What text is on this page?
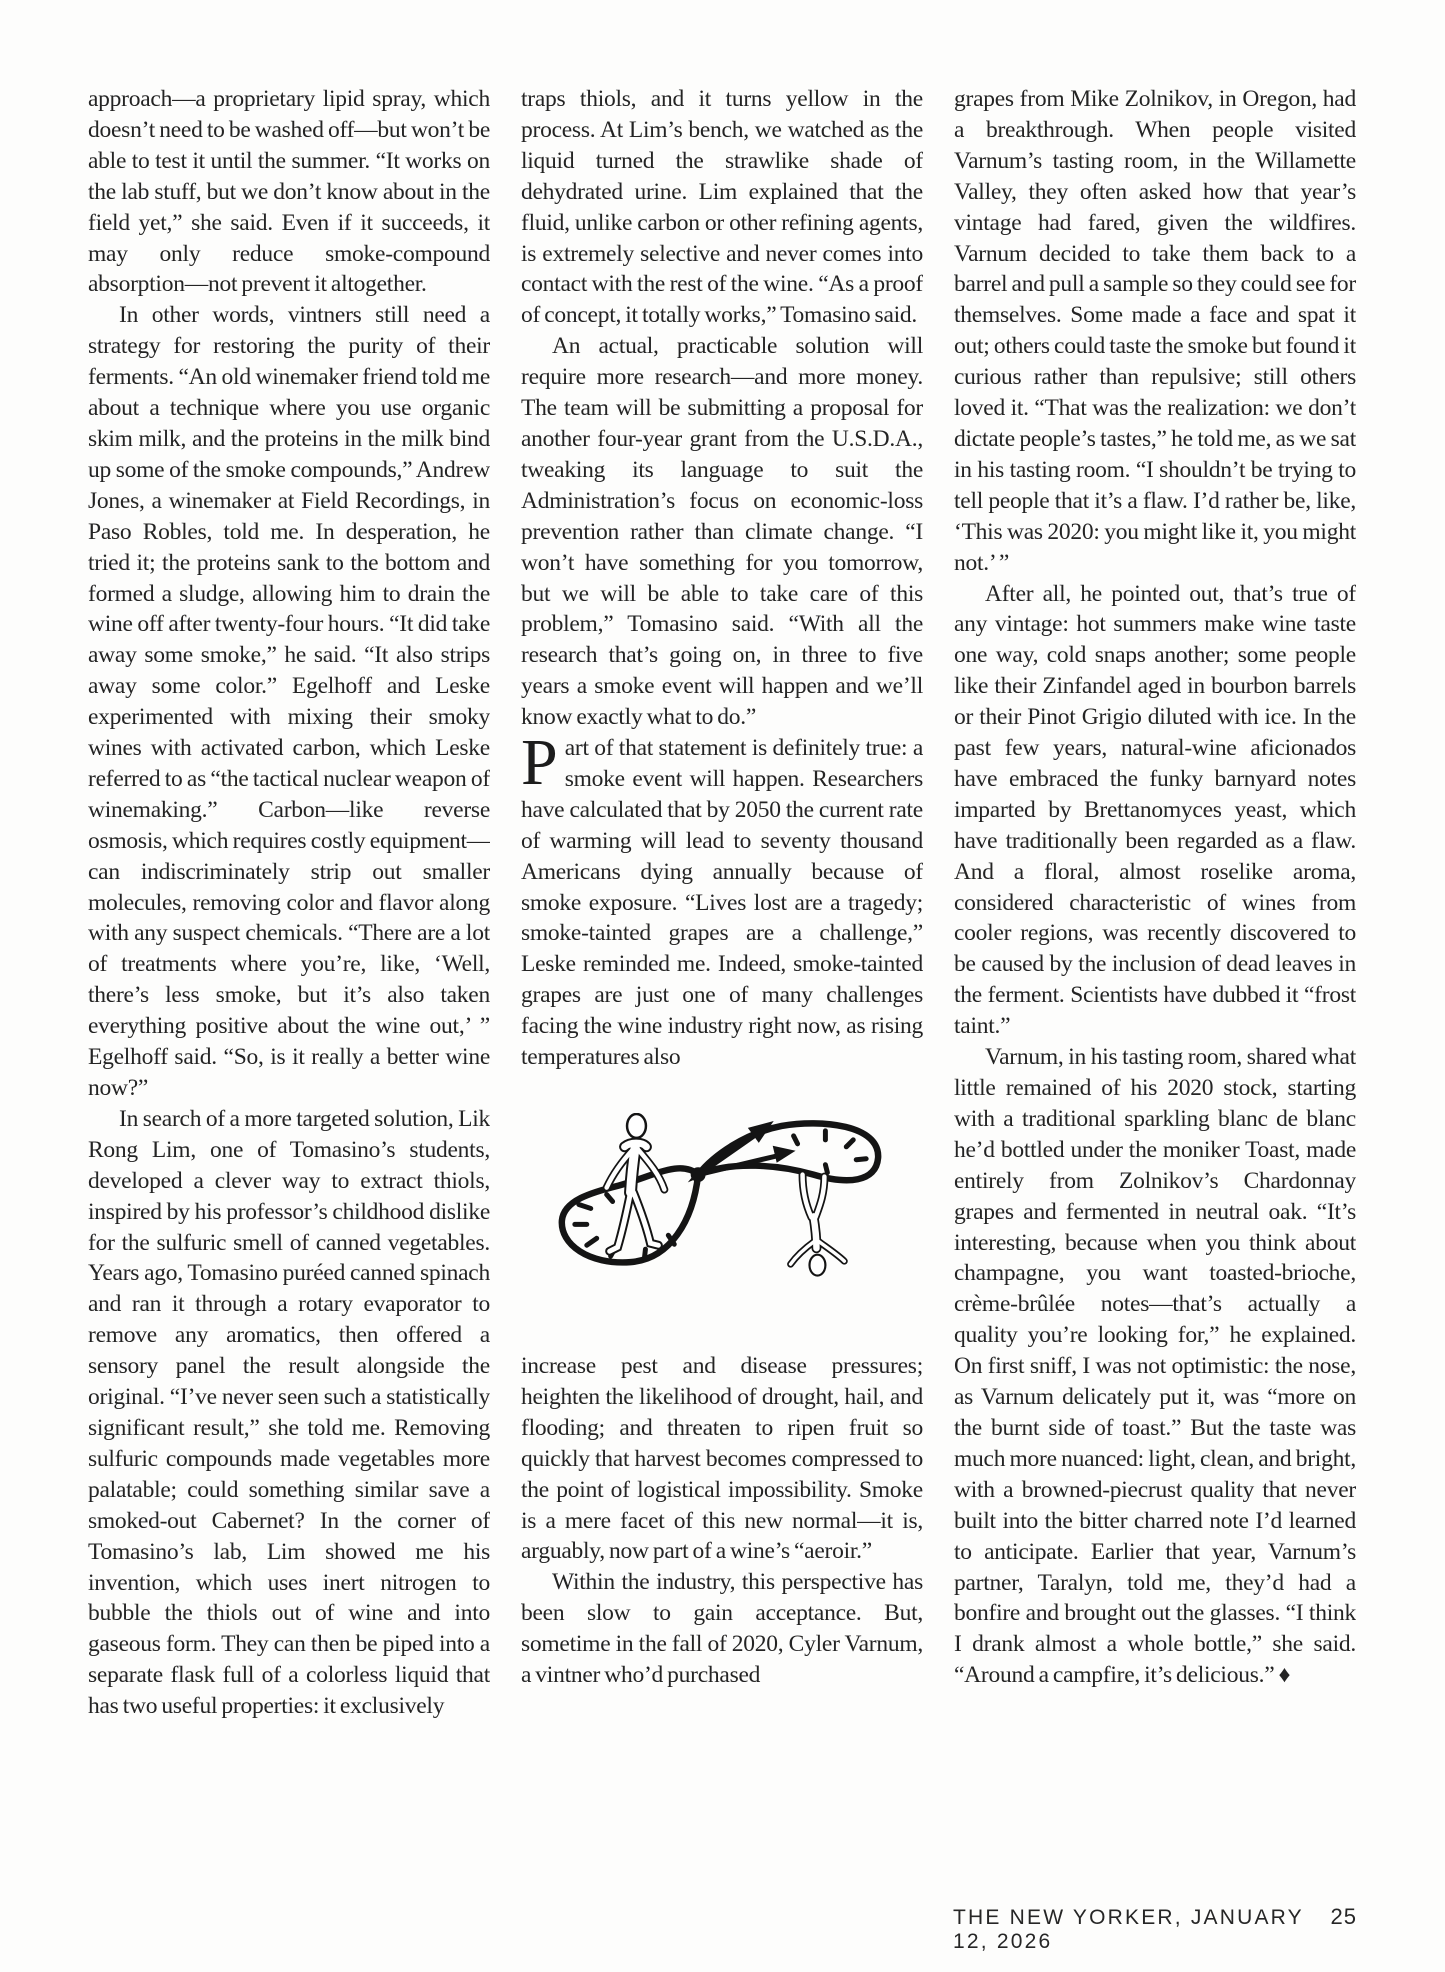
approach—a proprietary lipid spray, which doesn’t need to be washed off—but won’t be able to test it until the summer. “It works on the lab stuff, but we don’t know about in the field yet,” she said. Even if it succeeds, it may only reduce smoke-compound absorption—not prevent it altogether.

In other words, vintners still need a strategy for restoring the purity of their ferments. “An old winemaker friend told me about a technique where you use organic skim milk, and the proteins in the milk bind up some of the smoke compounds,” Andrew Jones, a winemaker at Field Recordings, in Paso Robles, told me. In desperation, he tried it; the proteins sank to the bottom and formed a sludge, allowing him to drain the wine off after twenty-four hours. “It did take away some smoke,” he said. “It also strips away some color.” Egelhoff and Leske experimented with mixing their smoky wines with activated carbon, which Leske referred to as “the tactical nuclear weapon of winemaking.” Carbon—like reverse osmosis, which requires costly equipment—can indiscriminately strip out smaller molecules, removing color and flavor along with any suspect chemicals. “There are a lot of treatments where you’re, like, ‘Well, there’s less smoke, but it’s also taken everything positive about the wine out,’ ” Egelhoff said. “So, is it really a better wine now?”

In search of a more targeted solution, Lik Rong Lim, one of Tomasino’s students, developed a clever way to extract thiols, inspired by his professor’s childhood dislike for the sulfuric smell of canned vegetables. Years ago, Tomasino puréed canned spinach and ran it through a rotary evaporator to remove any aromatics, then offered a sensory panel the result alongside the original. “I’ve never seen such a statistically significant result,” she told me. Removing sulfuric compounds made vegetables more palatable; could something similar save a smoked-out Cabernet? In the corner of Tomasino’s lab, Lim showed me his invention, which uses inert nitrogen to bubble the thiols out of wine and into gaseous form. They can then be piped into a separate flask full of a colorless liquid that has two useful properties: it exclusively

traps thiols, and it turns yellow in the process. At Lim’s bench, we watched as the liquid turned the strawlike shade of dehydrated urine. Lim explained that the fluid, unlike carbon or other refining agents, is extremely selective and never comes into contact with the rest of the wine. “As a proof of concept, it totally works,” Tomasino said.

An actual, practicable solution will require more research—and more money. The team will be submitting a proposal for another four-year grant from the U.S.D.A., tweaking its language to suit the Administration’s focus on economic-loss prevention rather than climate change. “I won’t have something for you tomorrow, but we will be able to take care of this problem,” Tomasino said. “With all the research that’s going on, in three to five years a smoke event will happen and we’ll know exactly what to do.”

Part of that statement is definitely true: a smoke event will happen. Researchers have calculated that by 2050 the current rate of warming will lead to seventy thousand Americans dying annually because of smoke exposure. “Lives lost are a tragedy; smoke-tainted grapes are a challenge,” Leske reminded me. Indeed, smoke-tainted grapes are just one of many challenges facing the wine industry right now, as rising temperatures also

increase pest and disease pressures; heighten the likelihood of drought, hail, and flooding; and threaten to ripen fruit so quickly that harvest becomes compressed to the point of logistical impossibility. Smoke is a mere facet of this new normal—it is, arguably, now part of a wine’s “aeroir.”

Within the industry, this perspective has been slow to gain acceptance. But, sometime in the fall of 2020, Cyler Varnum, a vintner who’d purchased

grapes from Mike Zolnikov, in Oregon, had a breakthrough. When people visited Varnum’s tasting room, in the Willamette Valley, they often asked how that year’s vintage had fared, given the wildfires. Varnum decided to take them back to a barrel and pull a sample so they could see for themselves. Some made a face and spat it out; others could taste the smoke but found it curious rather than repulsive; still others loved it. “That was the realization: we don’t dictate people’s tastes,” he told me, as we sat in his tasting room. “I shouldn’t be trying to tell people that it’s a flaw. I’d rather be, like, ‘This was 2020: you might like it, you might not.’ ”

After all, he pointed out, that’s true of any vintage: hot summers make wine taste one way, cold snaps another; some people like their Zinfandel aged in bourbon barrels or their Pinot Grigio diluted with ice. In the past few years, natural-wine aficionados have embraced the funky barnyard notes imparted by Brettanomyces yeast, which have traditionally been regarded as a flaw. And a floral, almost roselike aroma, considered characteristic of wines from cooler regions, was recently discovered to be caused by the inclusion of dead leaves in the ferment. Scientists have dubbed it “frost taint.”

Varnum, in his tasting room, shared what little remained of his 2020 stock, starting with a traditional sparkling blanc de blanc he’d bottled under the moniker Toast, made entirely from Zolnikov’s Chardonnay grapes and fermented in neutral oak. “It’s interesting, because when you think about champagne, you want toasted-brioche, crème-brûlée notes—that’s actually a quality you’re looking for,” he explained. On first sniff, I was not optimistic: the nose, as Varnum delicately put it, was “more on the burnt side of toast.” But the taste was much more nuanced: light, clean, and bright, with a browned-piecrust quality that never built into the bitter charred note I’d learned to anticipate. Earlier that year, Varnum’s partner, Taralyn, told me, they’d had a bonfire and brought out the glasses. “I think I drank almost a whole bottle,” she said. “Around a campfire, it’s delicious.” ♦

THE NEW YORKER, JANUARY 12, 2026
25
